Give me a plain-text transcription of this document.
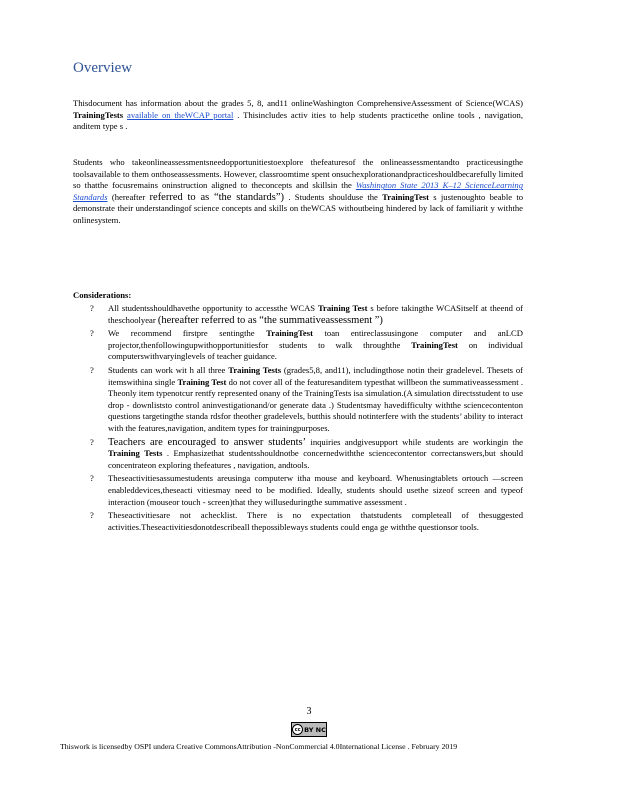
Overview
Thisdocument has information about the grades 5, 8, and11 onlineWashington ComprehensiveAssessment of Science(WCAS) TrainingTests available on theWCAP portal . Thisincludes activ ities to help students practicethe online tools , navigation, anditem type s .
Students who takeonlineassessmentsneedopportunitiestoexplore thefeaturesof the onlineassessmentandto practiceusingthe toolsavailable to them onthoseassessments. However, classroomtime spent onsuchexplorationandpracticeshouldbecarefully limited so thatthe focusremains oninstruction aligned to theconcepts and skillsin the Washington State 2013 K–12 ScienceLearning Standards (hereafter referred to as “the standards”) . Students shoulduse the TrainingTest s justenoughto beable to demonstrate their understandingof science concepts and skills on theWCAS withoutbeing hindered by lack of familiarit y withthe onlinesystem.
Considerations:
? All studentsshouldhavethe opportunity to accessthe WCAS Training Test s before takingthe WCASitself at theend of theschoolyear (hereafter referred to as “the summativeassessment ”)
? We recommend firstpre sentingthe TrainingTest toan entireclassusingone computer and anLCD projector,thenfollowingupwithopportunitiesfor students to walk throughthe TrainingTest on individual computerswithvaryinglevels of teacher guidance.
? Students can work wit h all three Training Tests (grades5,8, and11), includingthose notin their gradelevel. Thesets of itemswithina single Training Test do not cover all of the featuresanditem typesthat willbeon the summativeassessment . Theonly item typenotcur rentfy represented onany of the TrainingTests isa simulation.(A simulation directsstudent to use drop - downliststo control aninvestigationand/or generate data .) Studentsmay havedifficulty withthe sciencecontenton questions targetingthe standa rdsfor theother gradelevels, butthis should notinterfere with the students’ ability to interact with the features,navigation, anditem types for trainingpurposes.
? Teachers are encouraged to answer students’ inquiries andgivesupport while students are workingin the Training Tests . Emphasizethat studentsshouldnotbe concernedwiththe sciencecontentor correctanswers,but should concentrateon exploring thefeatures , navigation, andtools.
? Theseactivitiesassumestudents areusinga computerw itha mouse and keyboard. Whenusingtablets ortouch —screen enableddevices,theseacti vitiesmay need to be modified. Ideally, students should usethe sizeof screen and typeof interaction (mouseor touch - screen)that they willuseduringthe summative assessment .
? Theseactivitiesare not achecklist. There is no expectation thatstudents completeall of thesuggested activities.Theseactivitiesdonotdescribeall thepossibleways students could enga ge withthe questionsor tools.
3
cc BY NC
Thiswork is licensedby OSPI undera Creative CommonsAttribution -NonCommercial 4.0International License . February 2019
